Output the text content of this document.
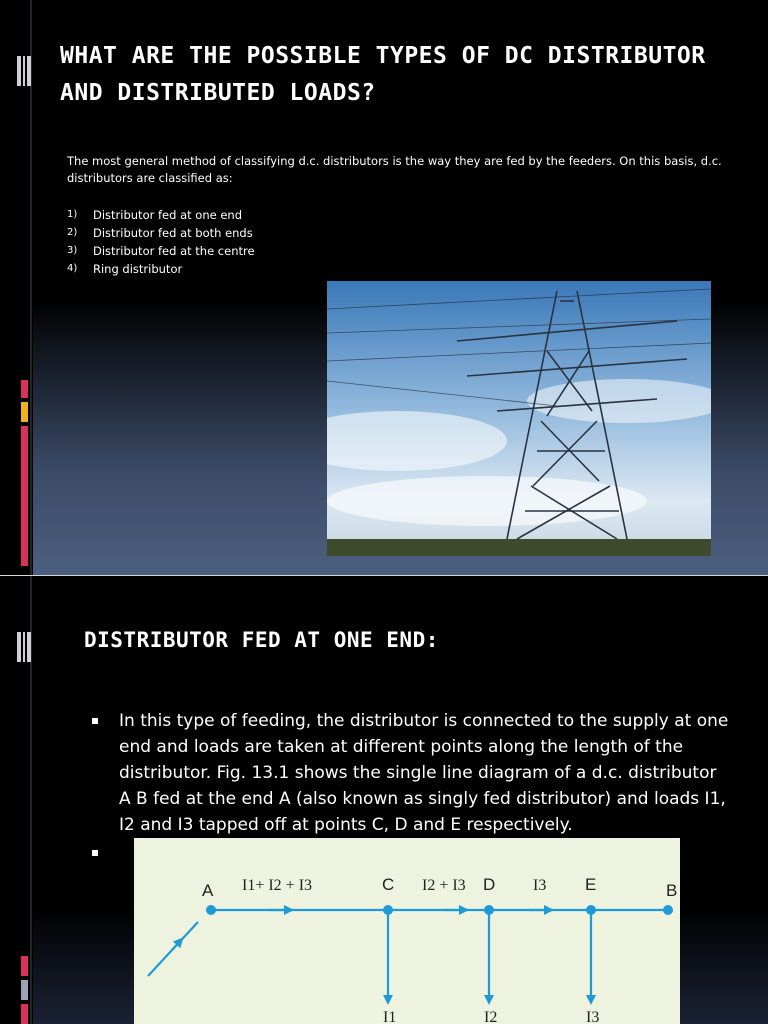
WHAT ARE THE POSSIBLE TYPES OF DC DISTRIBUTOR AND DISTRIBUTED LOADS?
The most general method of classifying d.c. distributors is the way they are fed by the feeders. On this basis, d.c. distributors are classified as:
1)	Distributor fed at one end
2)	Distributor fed at both ends
3)	Distributor fed at the centre
4)	Ring distributor
DISTRIBUTOR FED AT ONE END:
In this type of feeding, the distributor is connected to the supply at one end and loads are taken at different points along the length of the distributor. Fig. 13.1 shows the single line diagram of a d.c. distributor A B fed at the end A (also known as singly fed distributor) and loads I1, I2 and I3 tapped off at points C, D and E respectively.
A	C	D	E	B
I1+ I2 + I3	I2 + I3	I3
I1	I2	I3
